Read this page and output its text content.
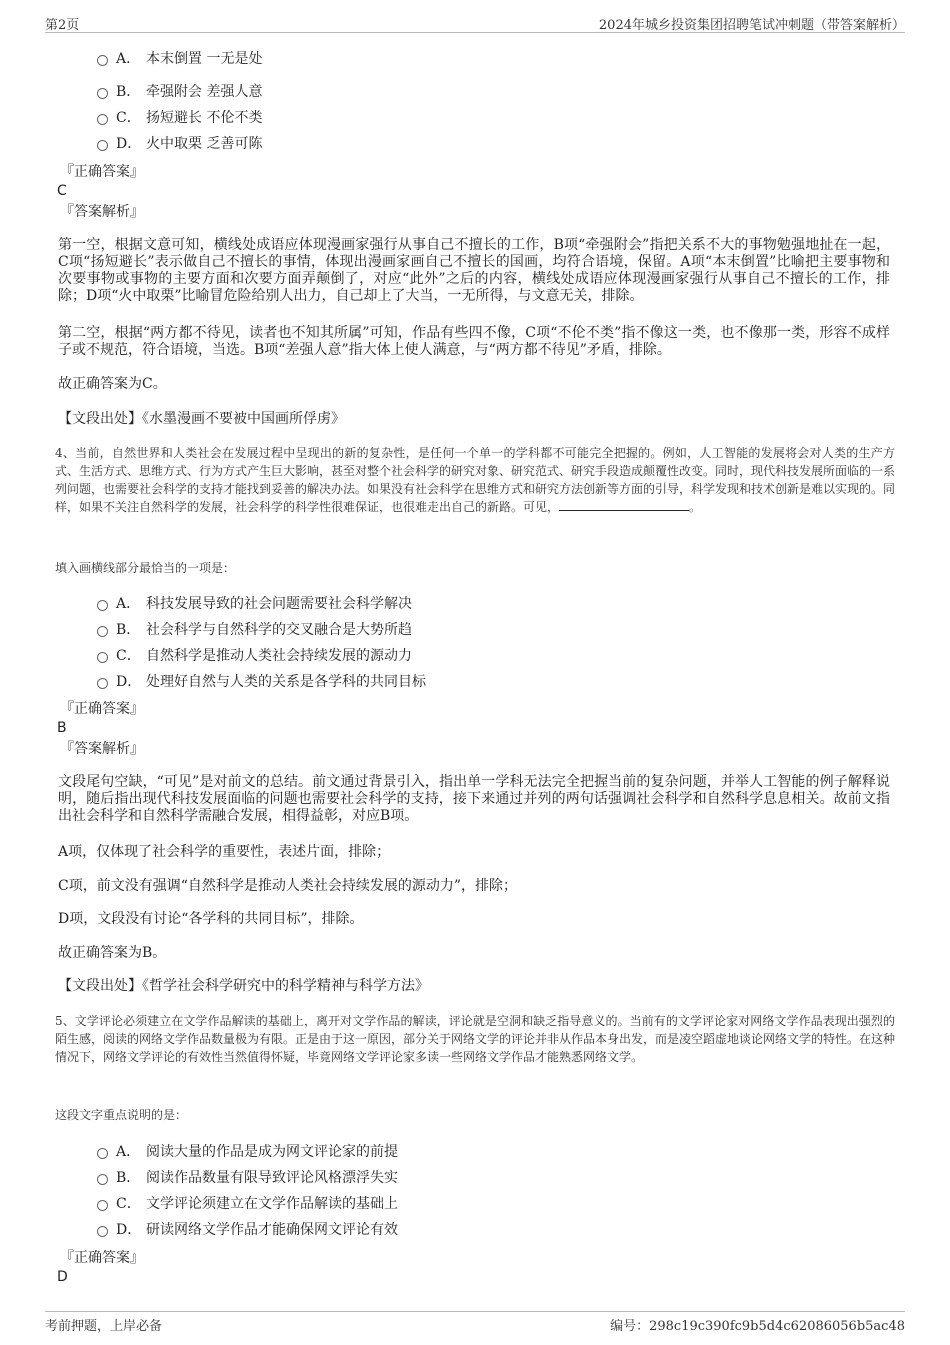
第2页	2024年城乡投资集团招聘笔试冲刺题（带答案解析）
A． 本末倒置 一无是处
B． 牵强附会 差强人意
C． 扬短避长 不伦不类
D． 火中取栗 乏善可陈
『正确答案』
C
『答案解析』
第一空，根据文意可知，横线处成语应体现漫画家强行从事自己不擅长的工作，B项“牵强附会”指把关系不大的事物勉强地扯在一起，C项“扬短避长”表示做自己不擅长的事情，体现出漫画家画自己不擅长的国画，均符合语境，保留。A项“本末倒置”比喻把主要事物和次要事物或事物的主要方面和次要方面弄颠倒了，对应“此外”之后的内容，横线处成语应体现漫画家强行从事自己不擅长的工作，排除；D项“火中取栗”比喻冒危险给别人出力，自己却上了大当，一无所得，与文意无关，排除。
第二空，根据“两方都不待见，读者也不知其所属”可知，作品有些四不像，C项“不伦不类”指不像这一类，也不像那一类，形容不成样子或不规范，符合语境，当选。B项“差强人意”指大体上使人满意，与“两方都不待见”矛盾，排除。
故正确答案为C。
【文段出处】《水墨漫画不要被中国画所俘虏》
4、当前，自然世界和人类社会在发展过程中呈现出的新的复杂性，是任何一个单一的学科都不可能完全把握的。例如，人工智能的发展将会对人类的生产方式、生活方式、思维方式、行为方式产生巨大影响，甚至对整个社会科学的研究对象、研究范式、研究手段造成颠覆性改变。同时，现代科技发展所面临的一系列问题，也需要社会科学的支持才能找到妥善的解决办法。如果没有社会科学在思维方式和研究方法创新等方面的引导，科学发现和技术创新是难以实现的。同样，如果不关注自然科学的发展，社会科学的科学性很难保证，也很难走出自己的新路。可见，	。
填入画横线部分最恰当的一项是：
A． 科技发展导致的社会问题需要社会科学解决
B． 社会科学与自然科学的交叉融合是大势所趋
C． 自然科学是推动人类社会持续发展的源动力
D． 处理好自然与人类的关系是各学科的共同目标
『正确答案』
B
『答案解析』
文段尾句空缺，“可见”是对前文的总结。前文通过背景引入，指出单一学科无法完全把握当前的复杂问题，并举人工智能的例子解释说明，随后指出现代科技发展面临的问题也需要社会科学的支持，接下来通过并列的两句话强调社会科学和自然科学息息相关。故前文指出社会科学和自然科学需融合发展，相得益彰，对应B项。
A项，仅体现了社会科学的重要性，表述片面，排除；
C项，前文没有强调“自然科学是推动人类社会持续发展的源动力”，排除；
D项，文段没有讨论“各学科的共同目标”，排除。
故正确答案为B。
【文段出处】《哲学社会科学研究中的科学精神与科学方法》
5、文学评论必须建立在文学作品解读的基础上，离开对文学作品的解读，评论就是空洞和缺乏指导意义的。当前有的文学评论家对网络文学作品表现出强烈的陌生感，阅读的网络文学作品数量极为有限。正是由于这一原因，部分关于网络文学的评论并非从作品本身出发，而是凌空蹈虚地谈论网络文学的特性。在这种情况下，网络文学评论的有效性当然值得怀疑，毕竟网络文学评论家多读一些网络文学作品才能熟悉网络文学。
这段文字重点说明的是：
A． 阅读大量的作品是成为网文评论家的前提
B． 阅读作品数量有限导致评论风格漂浮失实
C． 文学评论须建立在文学作品解读的基础上
D． 研读网络文学作品才能确保网文评论有效
『正确答案』
D
考前押题，上岸必备	编号：298c19c390fc9b5d4c62086056b5ac48
